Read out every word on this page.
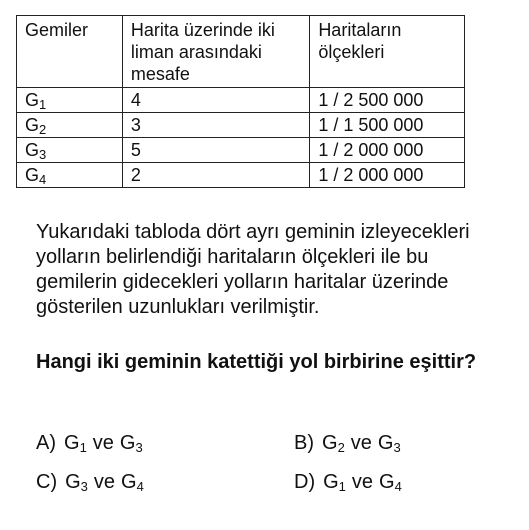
Gemiler	Harita üzerinde iki liman arasındaki mesafe	Haritaların ölçekleri
$G_1$	4	1 / 2 500 000
$G_2$	3	1 / 1 500 000
$G_3$	5	1 / 2 000 000
$G_4$	2	1 / 2 000 000

Yukarıdaki tabloda dört ayrı geminin izleyecekleri yolların belirlendiği haritaların ölçekleri ile bu gemilerin gidecekleri yolların haritalar üzerinde gösterilen uzunlukları verilmiştir.

Hangi iki geminin katettiği yol birbirine eşittir?

A) $G_1$ ve $G_3$	B) $G_2$ ve $G_3$
C) $G_3$ ve $G_4$	D) $G_1$ ve $G_4$
